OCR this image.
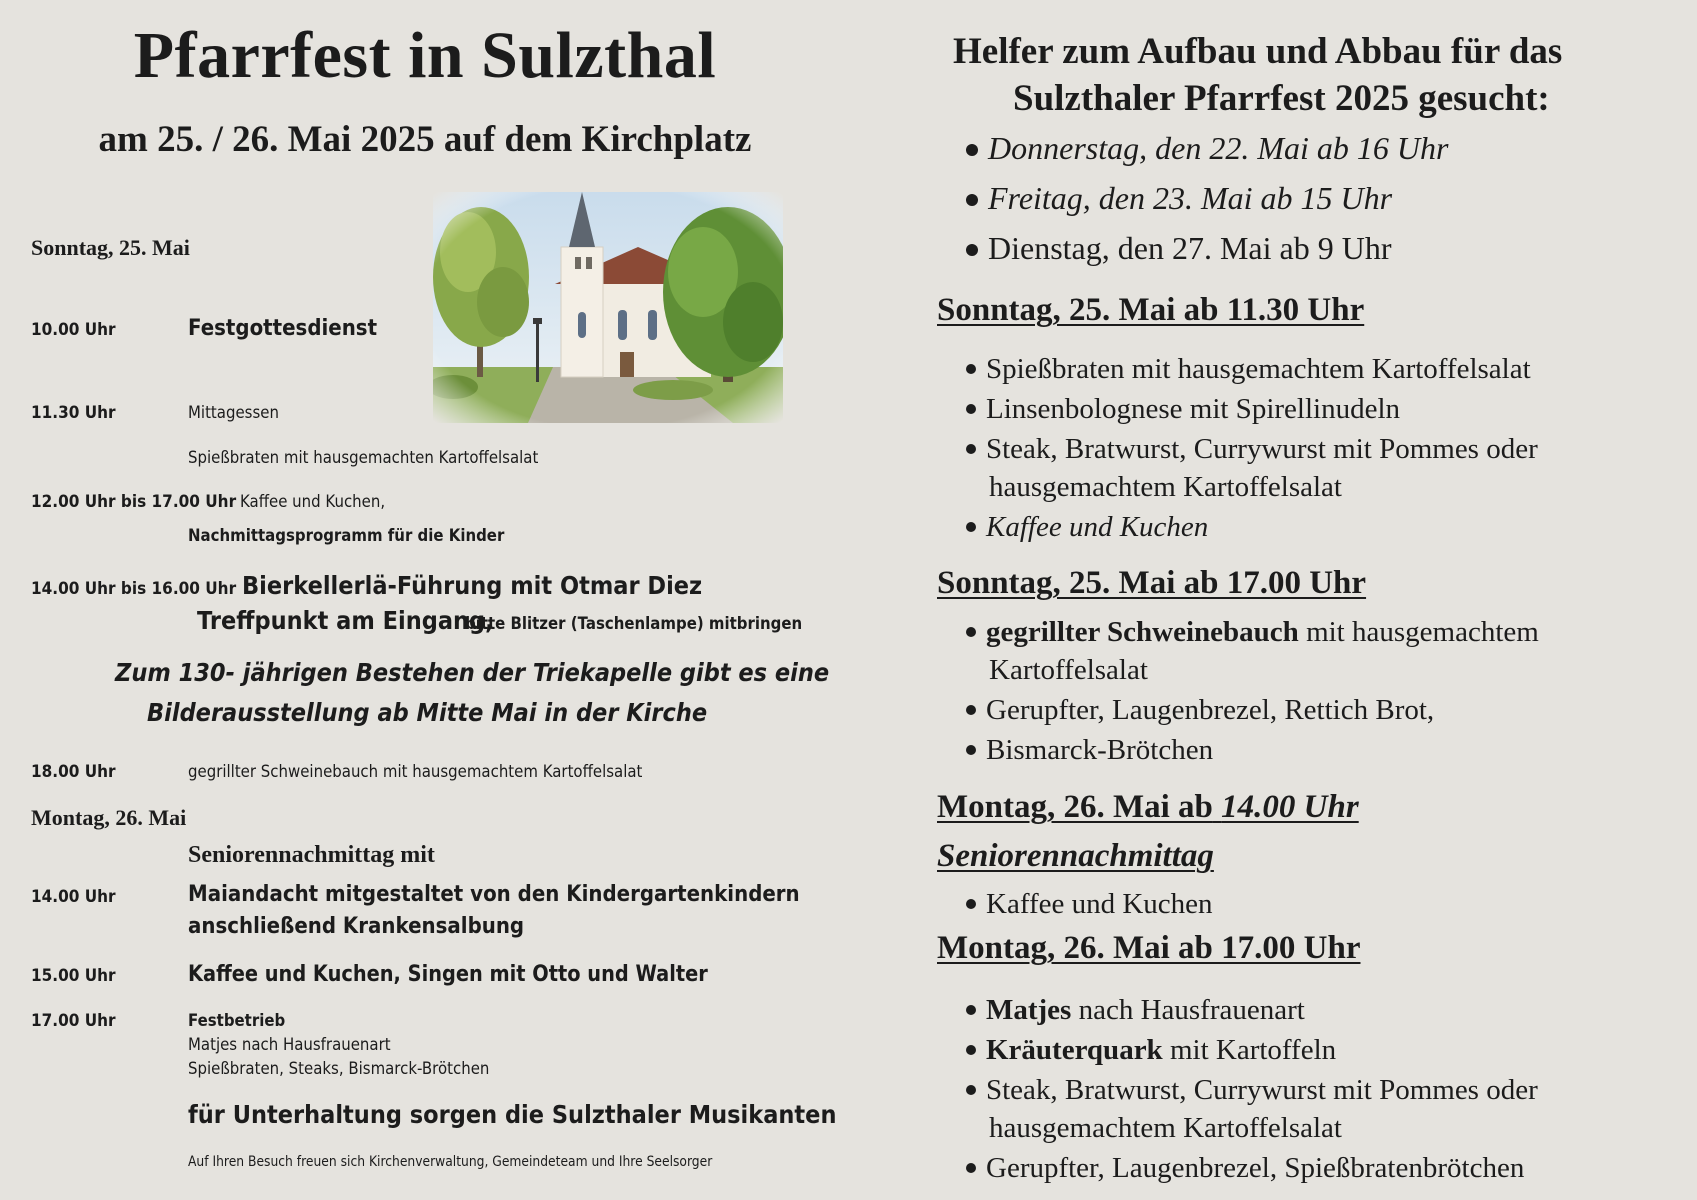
Pfarrfest in Sulzthal
am 25. / 26. Mai 2025 auf dem Kirchplatz
Sonntag, 25. Mai
10.00 Uhr	Festgottesdienst
11.30 Uhr	Mittagessen
Spießbraten mit hausgemachten Kartoffelsalat
12.00 Uhr bis 17.00 Uhr Kaffee und Kuchen,
Nachmittagsprogramm für die Kinder
14.00 Uhr bis 16.00 Uhr Bierkellerlä-Führung mit Otmar Diez
Treffpunkt am Eingang,
bitte Blitzer (Taschenlampe) mitbringen
Zum 130- jährigen Bestehen der Triekapelle gibt es eine
Bilderausstellung ab Mitte Mai in der Kirche
18.00 Uhr	gegrillter Schweinebauch mit hausgemachtem Kartoffelsalat
Montag, 26. Mai
Seniorennachmittag mit
14.00 Uhr	Maiandacht mitgestaltet von den Kindergartenkindern
anschließend Krankensalbung
15.00 Uhr	Kaffee und Kuchen, Singen mit Otto und Walter
17.00 Uhr	Festbetrieb
Matjes nach Hausfrauenart
Spießbraten, Steaks, Bismarck-Brötchen
für Unterhaltung sorgen die Sulzthaler Musikanten
Auf Ihren Besuch freuen sich Kirchenverwaltung, Gemeindeteam und Ihre Seelsorger
Helfer zum Aufbau und Abbau für das
Sulzthaler Pfarrfest 2025 gesucht:
Donnerstag, den 22. Mai ab 16 Uhr
Freitag, den 23. Mai ab 15 Uhr
Dienstag, den 27. Mai ab 9 Uhr
Sonntag, 25. Mai ab 11.30 Uhr
Spießbraten mit hausgemachtem Kartoffelsalat
Linsenbolognese mit Spirellinudeln
Steak, Bratwurst, Currywurst mit Pommes oder
hausgemachtem Kartoffelsalat
Kaffee und Kuchen
Sonntag, 25. Mai ab 17.00 Uhr
gegrillter Schweinebauch mit hausgemachtem
Kartoffelsalat
Gerupfter, Laugenbrezel, Rettich Brot,
Bismarck-Brötchen
Montag, 26. Mai ab 14.00 Uhr
Seniorennachmittag
Kaffee und Kuchen
Montag, 26. Mai ab 17.00 Uhr
Matjes nach Hausfrauenart
Kräuterquark mit Kartoffeln
Steak, Bratwurst, Currywurst mit Pommes oder
hausgemachtem Kartoffelsalat
Gerupfter, Laugenbrezel, Spießbratenbrötchen
